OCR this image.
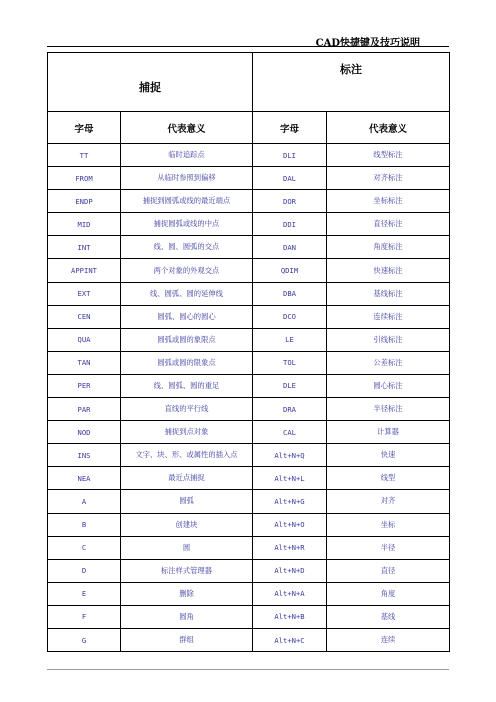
CAD快捷键及技巧说明
捕捉		标注	
字母	代表意义	字母	代表意义
TT	临时追踪点	DLI	线型标注
FROM	从临时参照到偏移	DAL	对齐标注
ENDP	捕捉到圆弧或线的最近端点	DOR	坐标标注
MID	捕捉圆弧或线的中点	DDI	直径标注
INT	线、圆、圆弧的交点	DAN	角度标注
APPINT	两个对象的外观交点	QDIM	快速标注
EXT	线、圆弧、圆的延伸线	DBA	基线标注
CEN	圆弧、圆心的圆心	DCO	连续标注
QUA	圆弧或圆的象限点	LE	引线标注
TAN	圆弧或圆的限象点	TOL	公差标注
PER	线、圆弧、圆的重足	DLE	圆心标注
PAR	直线的平行线	DRA	半径标注
NOD	捕捉到点对象	CAL	计算器
INS	文字、块、形、或属性的插入点	Alt+N+Q	快速
NEA	最近点捕捉	Alt+N+L	线型
A	圆弧	Alt+N+G	对齐
B	创建块	Alt+N+O	坐标
C	圆	Alt+N+R	半径
D	标注样式管理器	Alt+N+D	直径
E	删除	Alt+N+A	角度
F	圆角	Alt+N+B	基线
G	群组	Alt+N+C	连续
